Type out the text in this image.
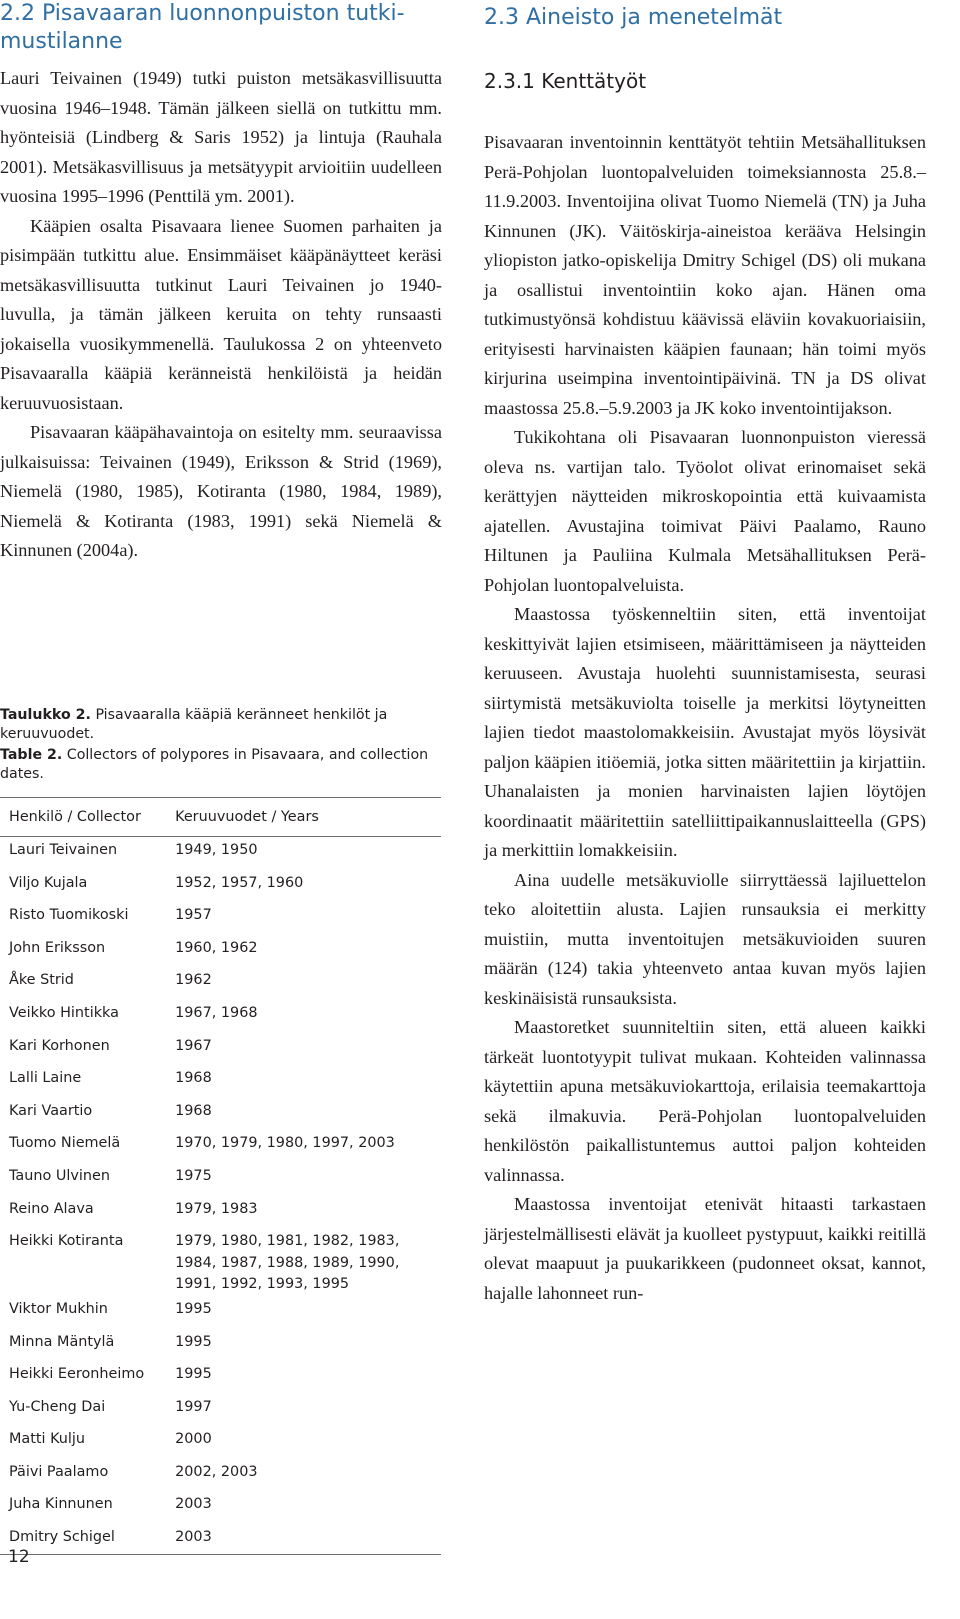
2.2 Pisavaaran luonnonpuiston tutki-
mustilanne

Lauri Teivainen (1949) tutki puiston metsäkasvillisuutta vuosina 1946–1948. Tämän jälkeen siellä on tutkittu mm. hyönteisiä (Lindberg & Saris 1952) ja lintuja (Rauhala 2001). Metsäkasvillisuus ja metsätyypit arvioitiin uudelleen vuosina 1995–1996 (Penttilä ym. 2001).

Kääpien osalta Pisavaara lienee Suomen parhaiten ja pisimpään tutkittu alue. Ensimmäiset kääpänäytteet keräsi metsäkasvillisuutta tutkinut Lauri Teivainen jo 1940-luvulla, ja tämän jälkeen keruita on tehty runsaasti jokaisella vuosikymmenellä. Taulukossa 2 on yhteenveto Pisavaaralla kääpiä keränneistä henkilöistä ja heidän keruuvuosistaan.

Pisavaaran kääpähavaintoja on esitelty mm. seuraavissa julkaisuissa: Teivainen (1949), Eriksson & Strid (1969), Niemelä (1980, 1985), Kotiranta (1980, 1984, 1989), Niemelä & Kotiranta (1983, 1991) sekä Niemelä & Kinnunen (2004a).

Taulukko 2. Pisavaaralla kääpiä keränneet henkilöt ja keruuvuodet.

Table 2. Collectors of polypores in Pisavaara, and collection dates.

Henkilö / Collector	Keruuvuodet / Years
Lauri Teivainen	1949, 1950
Viljo Kujala	1952, 1957, 1960
Risto Tuomikoski	1957
John Eriksson	1960, 1962
Åke Strid	1962
Veikko Hintikka	1967, 1968
Kari Korhonen	1967
Lalli Laine	1968
Kari Vaartio	1968
Tuomo Niemelä	1970, 1979, 1980, 1997, 2003
Tauno Ulvinen	1975
Reino Alava	1979, 1983
Heikki Kotiranta	1979, 1980, 1981, 1982, 1983, 1984, 1987, 1988, 1989, 1990, 1991, 1992, 1993, 1995
Viktor Mukhin	1995
Minna Mäntylä	1995
Heikki Eeronheimo	1995
Yu-Cheng Dai	1997
Matti Kulju	2000
Päivi Paalamo	2002, 2003
Juha Kinnunen	2003
Dmitry Schigel	2003
2.3 Aineisto ja menetelmät
2.3.1 Kenttätyöt

Pisavaaran inventoinnin kenttätyöt tehtiin Metsähallituksen Perä-Pohjolan luontopalveluiden toimeksiannosta 25.8.–11.9.2003. Inventoijina olivat Tuomo Niemelä (TN) ja Juha Kinnunen (JK). Väitöskirja-aineistoa kerääva Helsingin yliopiston jatko-opiskelija Dmitry Schigel (DS) oli mukana ja osallistui inventointiin koko ajan. Hänen oma tutkimustyönsä kohdistuu käävissä eläviin kovakuoriaisiin, erityisesti harvinaisten kääpien faunaan; hän toimi myös kirjurina useimpina inventointipäivinä. TN ja DS olivat maastossa 25.8.–5.9.2003 ja JK koko inventointijakson.

Tukikohtana oli Pisavaaran luonnonpuiston vieressä oleva ns. vartijan talo. Työolot olivat erinomaiset sekä kerättyjen näytteiden mikroskopointia että kuivaamista ajatellen. Avustajina toimivat Päivi Paalamo, Rauno Hiltunen ja Pauliina Kulmala Metsähallituksen Perä-Pohjolan luontopalveluista.

Maastossa työskenneltiin siten, että inventoijat keskittyivät lajien etsimiseen, määrittämiseen ja näytteiden keruuseen. Avustaja huolehti suunnistamisesta, seurasi siirtymistä metsäkuviolta toiselle ja merkitsi löytyneitten lajien tiedot maastolomakkeisiin. Avustajat myös löysivät paljon kääpien itiöemiä, jotka sitten määritettiin ja kirjattiin. Uhanalaisten ja monien harvinaisten lajien löytöjen koordinaatit määritettiin satelliittipaikannuslaitteella (GPS) ja merkittiin lomakkeisiin.

Aina uudelle metsäkuviolle siirryttäessä lajiluettelon teko aloitettiin alusta. Lajien runsauksia ei merkitty muistiin, mutta inventoitujen metsäkuvioiden suuren määrän (124) takia yhteenveto antaa kuvan myös lajien keskinäisistä runsauksista.

Maastoretket suunniteltiin siten, että alueen kaikki tärkeät luontotyypit tulivat mukaan. Kohteiden valinnassa käytettiin apuna metsäkuviokarttoja, erilaisia teemakarttoja sekä ilmakuvia. Perä-Pohjolan luontopalveluiden henkilöstön paikallistuntemus auttoi paljon kohteiden valinnassa.

Maastossa inventoijat etenivät hitaasti tarkastaen järjestelmällisesti elävät ja kuolleet pystypuut, kaikki reitillä olevat maapuut ja puukarikkeen (pudonneet oksat, kannot, hajalle lahonneet run-

12
